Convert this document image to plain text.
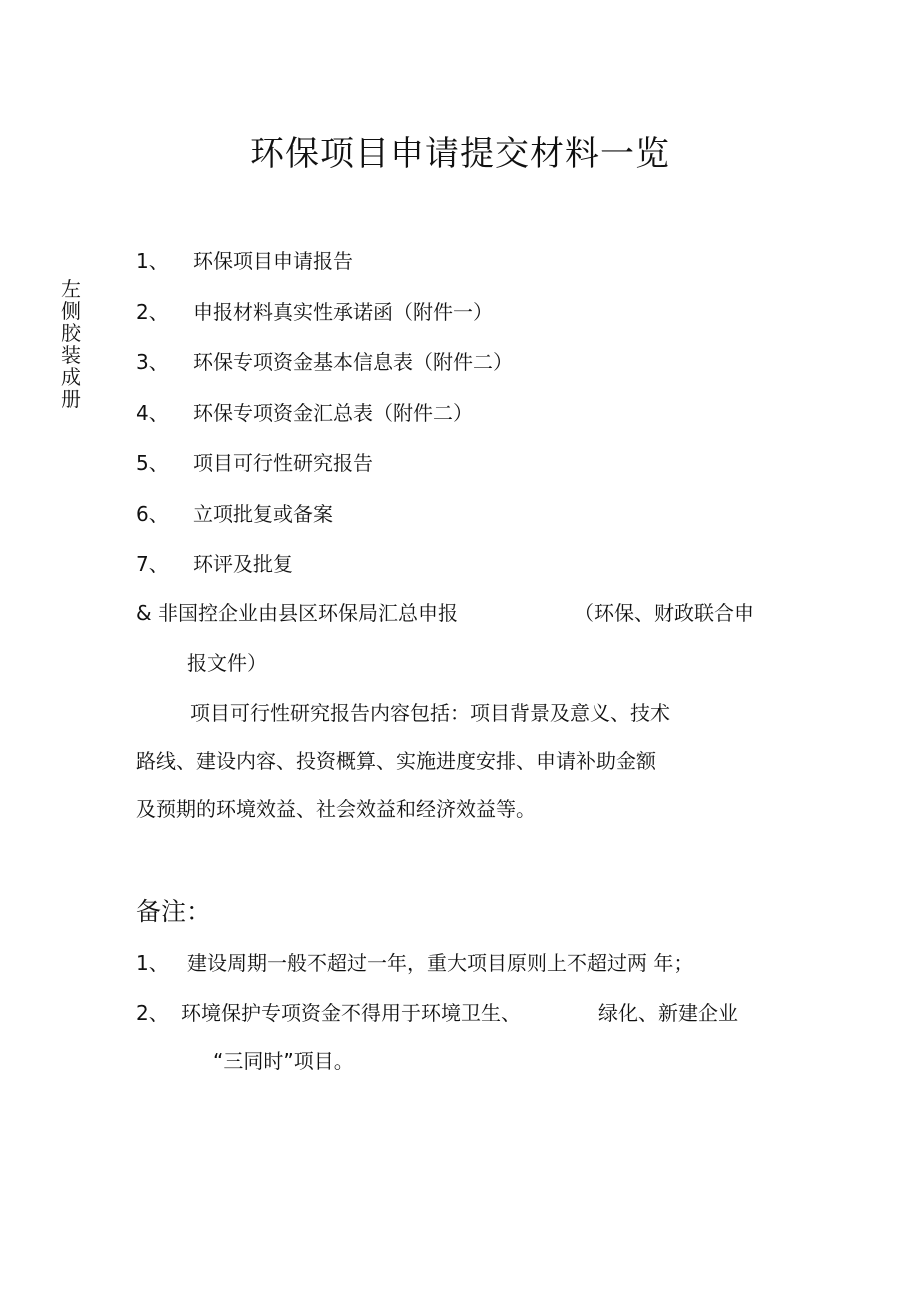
环保项目申请提交材料一览
左侧胶装成册
1、 环保项目申请报告
2、 申报材料真实性承诺函（附件一）
3、 环保专项资金基本信息表（附件二）
4、 环保专项资金汇总表（附件二）
5、 项目可行性研究报告
6、 立项批复或备案
7、 环评及批复
& 非国控企业由县区环保局汇总申报	（环保、财政联合申
报文件）
项目可行性研究报告内容包括：项目背景及意义、技术
路线、建设内容、投资概算、实施进度安排、申请补助金额
及预期的环境效益、社会效益和经济效益等。
备注：
1、 建设周期一般不超过一年，重大项目原则上不超过两 年；
2、 环境保护专项资金不得用于环境卫生、	绿化、新建企业
“三同时”项目。
